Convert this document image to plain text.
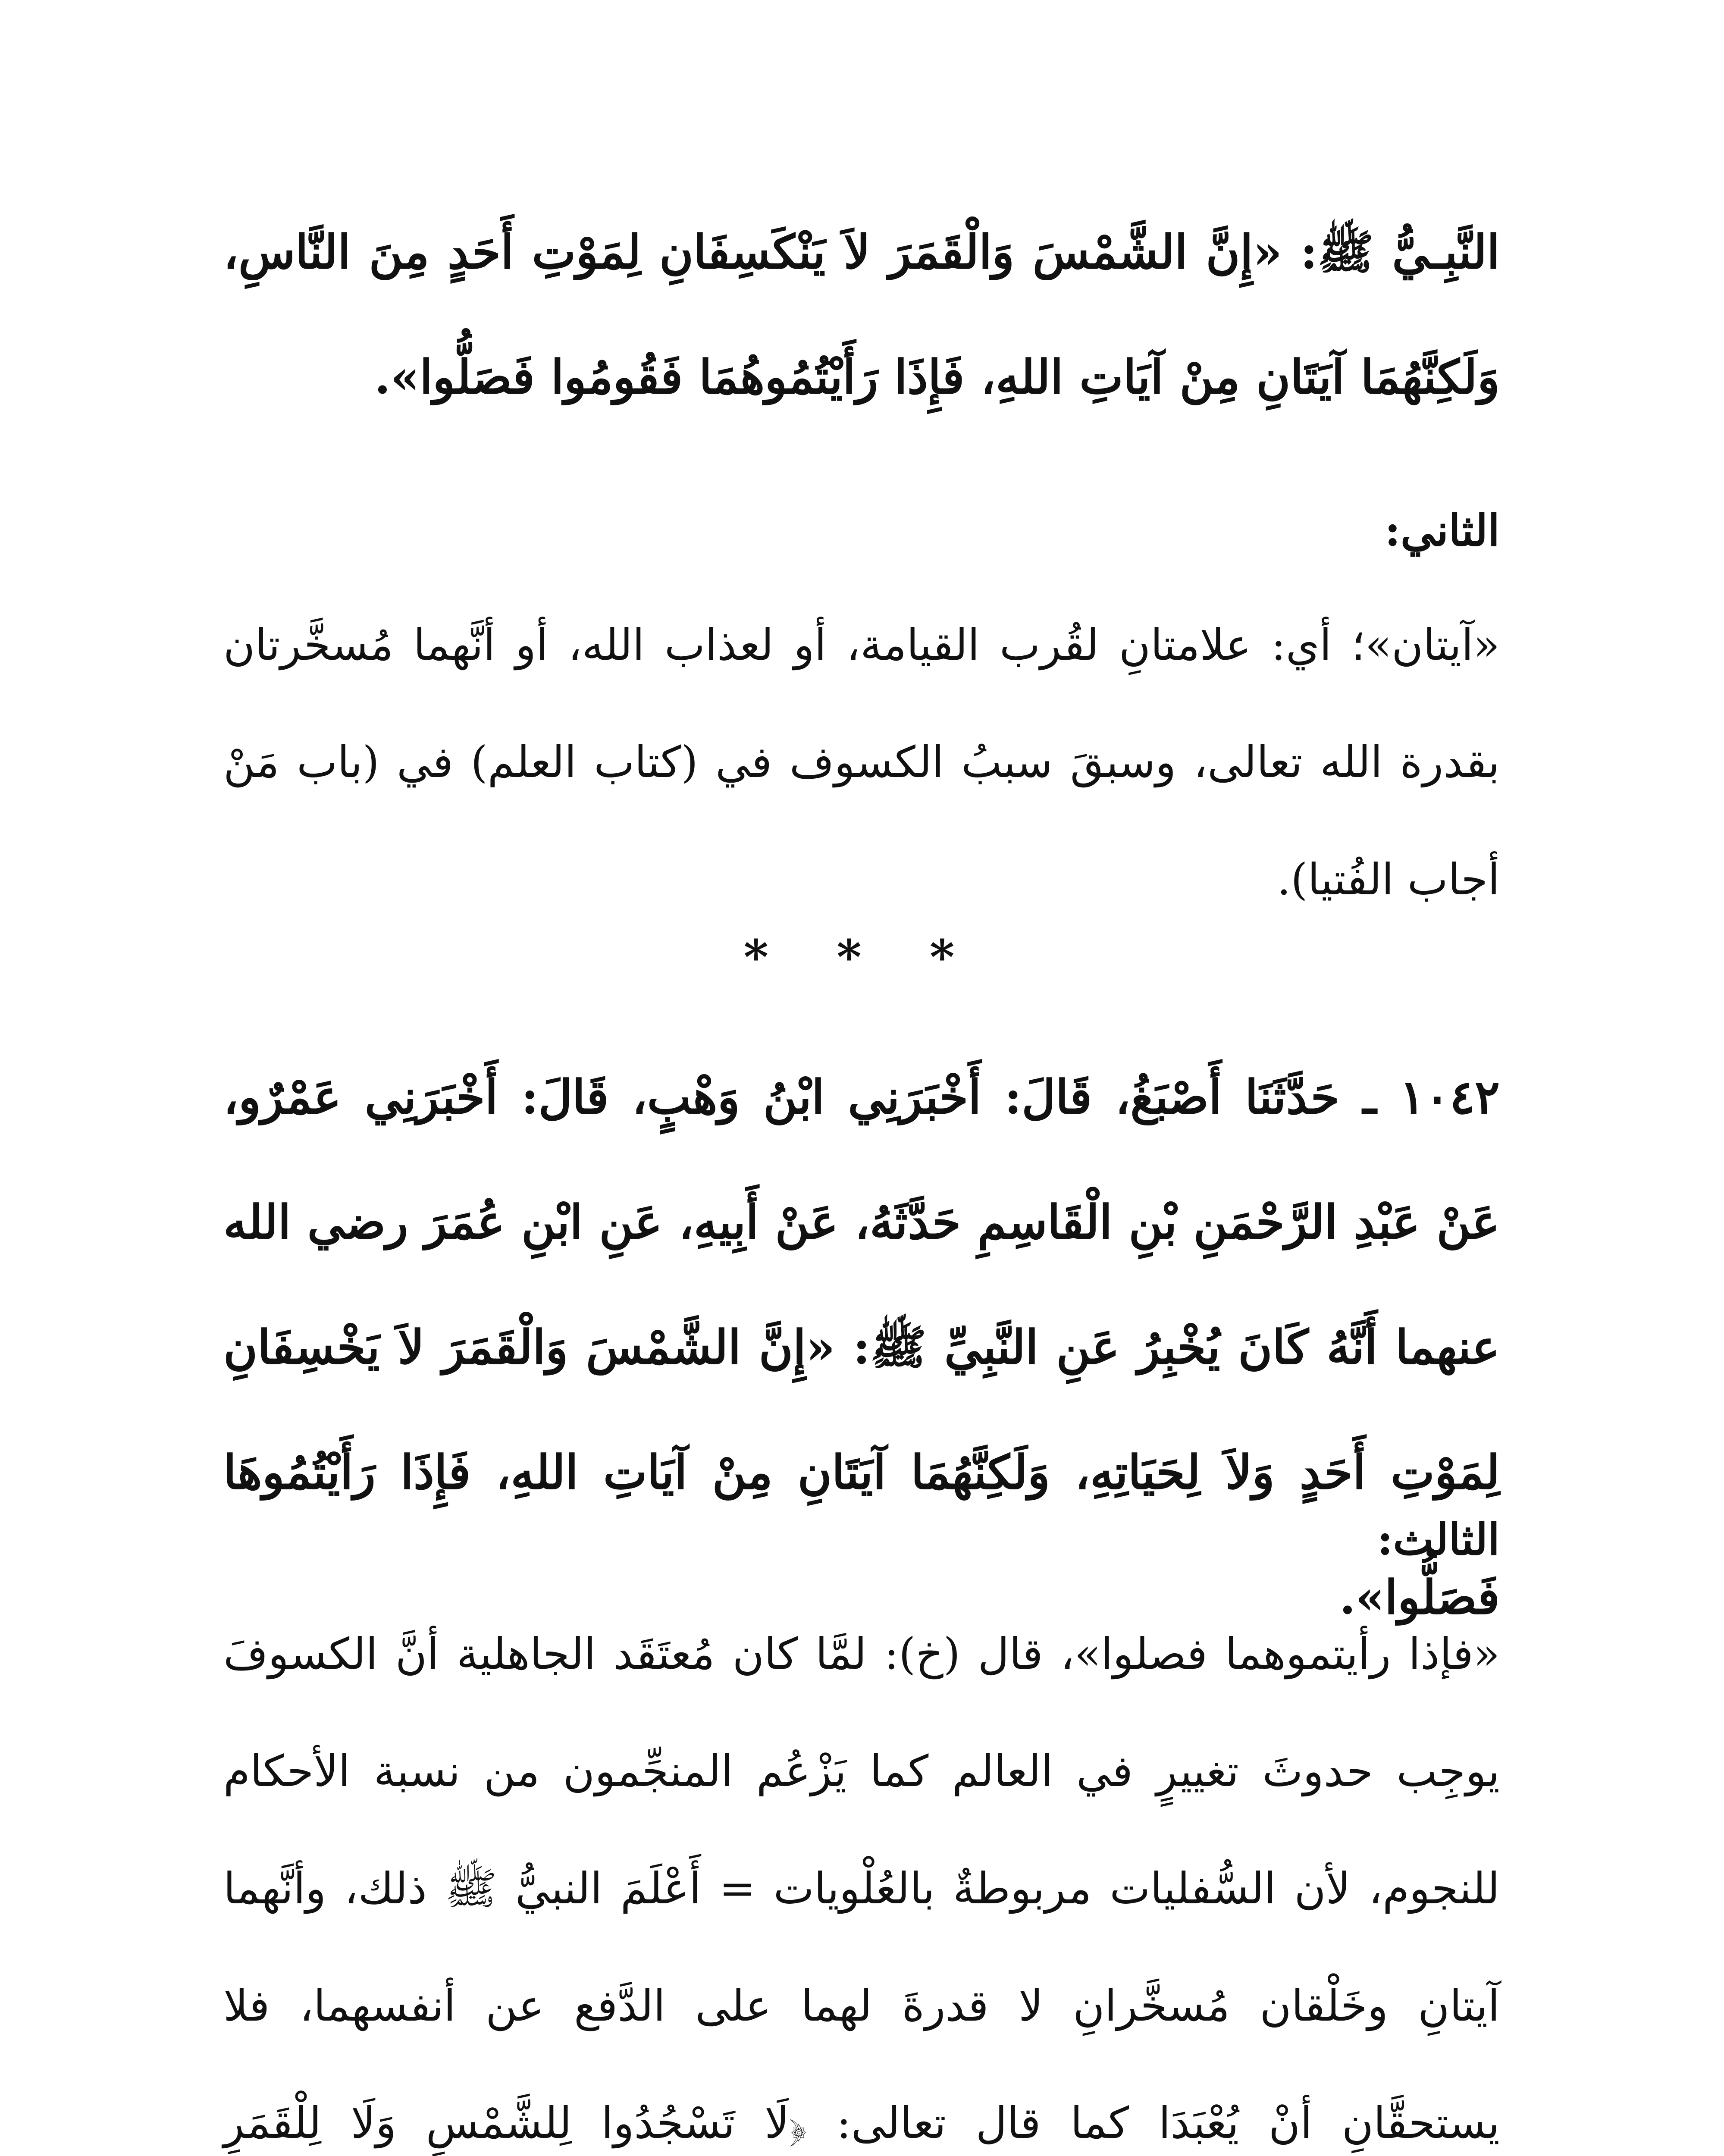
النَّبِـيُّ ﷺ: «إِنَّ الشَّمْسَ وَالْقَمَرَ لاَ يَنْكَسِفَانِ لِمَوْتِ أَحَدٍ مِنَ النَّاسِ، وَلَكِنَّهُمَا آيَتَانِ مِنْ آيَاتِ اللهِ، فَإِذَا رَأَيْتُمُوهُمَا فَقُومُوا فَصَلُّوا».

الثاني:

«آيتان»؛ أي: علامتانِ لقُرب القيامة، أو لعذاب الله، أو أنَّهما مُسخَّرتان بقدرة الله تعالى، وسبقَ سببُ الكسوف في (كتاب العلم) في (باب مَنْ أجاب الفُتيا).

* * *

١٠٤٢ ـ حَدَّثَنَا أَصْبَغُ، قَالَ: أَخْبَرَنِي ابْنُ وَهْبٍ، قَالَ: أَخْبَرَنِي عَمْرٌو، عَنْ عَبْدِ الرَّحْمَنِ بْنِ الْقَاسِمِ حَدَّثَهُ، عَنْ أَبِيهِ، عَنِ ابْنِ عُمَرَ رضي الله عنهما أَنَّهُ كَانَ يُخْبِرُ عَنِ النَّبِيِّ ﷺ: «إِنَّ الشَّمْسَ وَالْقَمَرَ لاَ يَخْسِفَانِ لِمَوْتِ أَحَدٍ وَلاَ لِحَيَاتِهِ، وَلَكِنَّهُمَا آيَتَانِ مِنْ آيَاتِ اللهِ، فَإِذَا رَأَيْتُمُوهَا فَصَلُّوا».

الثالث:

«فإذا رأيتموهما فصلوا»، قال (خ): لمَّا كان مُعتَقَد الجاهلية أنَّ الكسوفَ يوجِب حدوثَ تغييرٍ في العالم كما يَزْعُم المنجِّمون من نسبة الأحكام للنجوم، لأن السُّفليات مربوطةٌ بالعُلْويات = أَعْلَمَ النبيُّ ﷺ ذلك، وأنَّهما آيتانِ وخَلْقان مُسخَّرانِ لا قدرةَ لهما على الدَّفع عن أنفسهما، فلا يستحقَّانِ أنْ يُعْبَدَا كما قال تعالى: ﴿لَا تَسْجُدُوا لِلشَّمْسِ وَلَا لِلْقَمَرِ
